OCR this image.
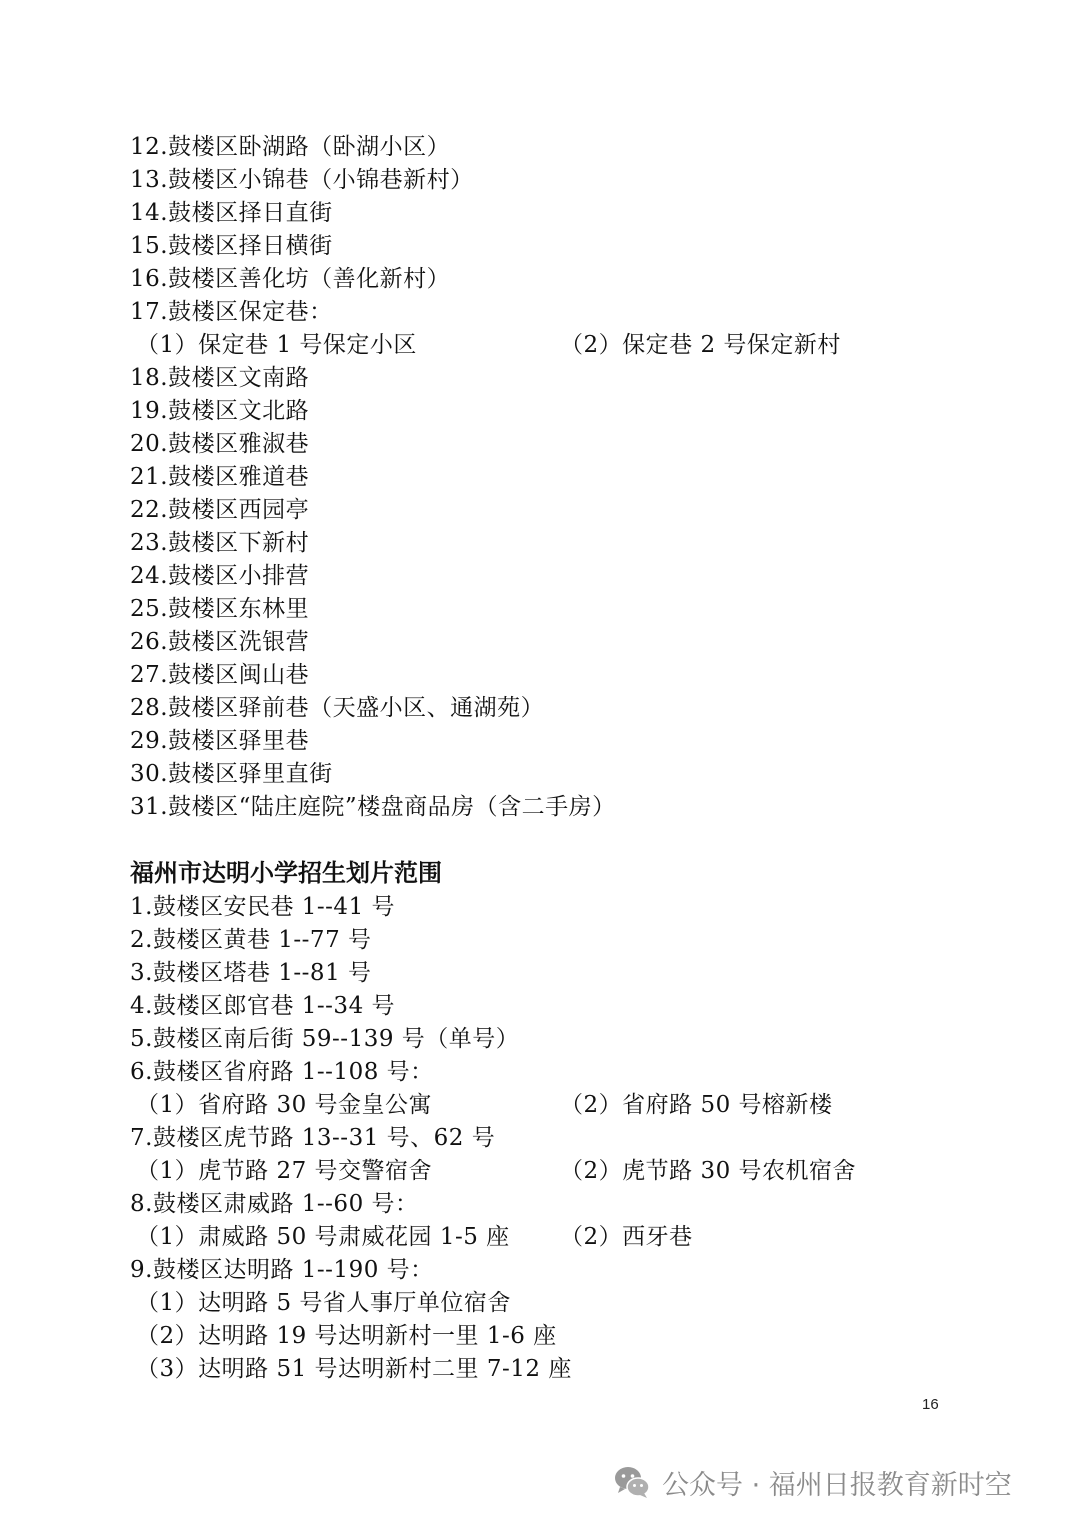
12.鼓楼区卧湖路（卧湖小区）
13.鼓楼区小锦巷（小锦巷新村）
14.鼓楼区择日直街
15.鼓楼区择日横街
16.鼓楼区善化坊（善化新村）
17.鼓楼区保定巷：
（1）保定巷 1 号保定小区	（2）保定巷 2 号保定新村
18.鼓楼区文南路
19.鼓楼区文北路
20.鼓楼区雅淑巷
21.鼓楼区雅道巷
22.鼓楼区西园亭
23.鼓楼区下新村
24.鼓楼区小排营
25.鼓楼区东林里
26.鼓楼区洗银营
27.鼓楼区闽山巷
28.鼓楼区驿前巷（天盛小区、通湖苑）
29.鼓楼区驿里巷
30.鼓楼区驿里直街
31.鼓楼区“陆庄庭院”楼盘商品房（含二手房）
福州市达明小学招生划片范围
1.鼓楼区安民巷 1--41 号
2.鼓楼区黄巷 1--77 号
3.鼓楼区塔巷 1--81 号
4.鼓楼区郎官巷 1--34 号
5.鼓楼区南后街 59--139 号（单号）
6.鼓楼区省府路 1--108 号：
（1）省府路 30 号金皇公寓	（2）省府路 50 号榕新楼
7.鼓楼区虎节路 13--31 号、62 号
（1）虎节路 27 号交警宿舍	（2）虎节路 30 号农机宿舍
8.鼓楼区肃威路 1--60 号：
（1）肃威路 50 号肃威花园 1-5 座 （2）西牙巷
9.鼓楼区达明路 1--190 号：
（1）达明路 5 号省人事厅单位宿舍
（2）达明路 19 号达明新村一里 1-6 座
（3）达明路 51 号达明新村二里 7-12 座
16
公众号 · 福州日报教育新时空
